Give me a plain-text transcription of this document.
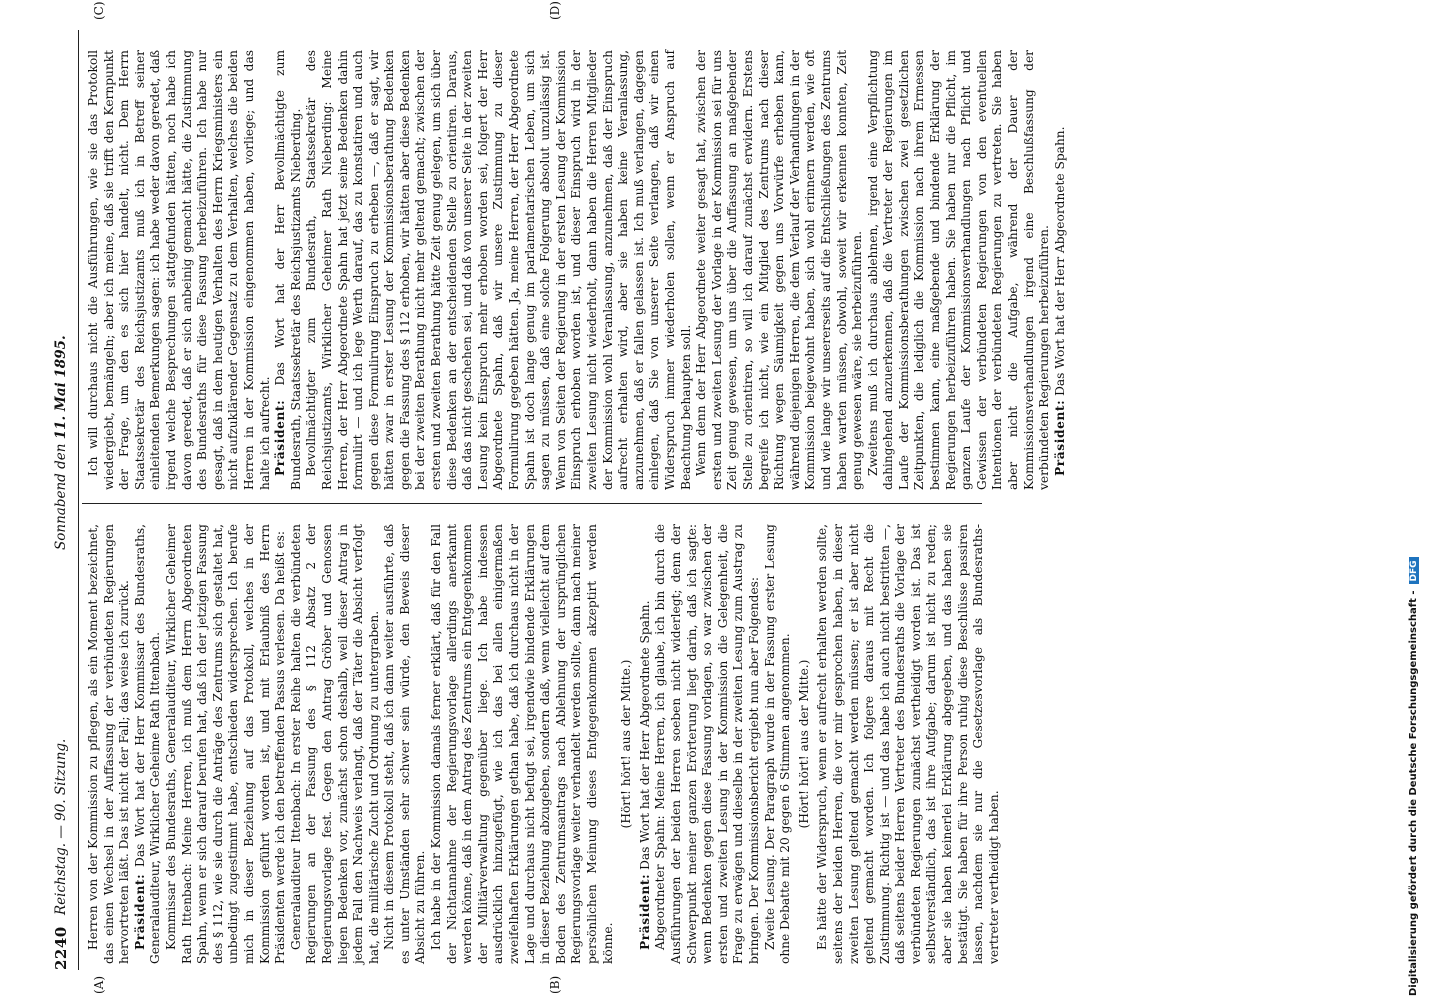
2240
Reichstag. — 90. Sitzung.
Sonnabend den 11. Mai 1895.
(A)	(B)
(C)	(D)

Herren von der Kommission zu pflegen, als ein Moment bezeichnet, das einen Wechsel in der Auffassung der verbündeten Regierungen hervortreten läßt. Das ist nicht der Fall; das weise ich zurück. Präsident: Das Wort hat der Herr Kommissar des Bundesraths, Generalauditeur, Wirklicher Geheime Rath Ittenbach. Kommissar des Bundesraths, Generalauditeur, Wirklicher Geheimer Rath Ittenbach: Meine Herren, ich muß dem Herrn Abgeordneten Spahn, wenn er sich darauf berufen hat, daß ich der jetzigen Fassung des § 112, wie sie durch die Anträge des Zentrums sich gestaltet hat, unbedingt zugestimmt habe, entschieden widersprechen. Ich berufe mich in dieser Beziehung auf das Protokoll, welches in der Kommission geführt worden ist, und mit Erlaubniß des Herrn Präsidenten werde ich den betreffenden Passus verlesen. Da heißt es: Generalauditeur Ittenbach: In erster Reihe halten die verbündeten Regierungen an der Fassung des § 112 Absatz 2 der Regierungsvorlage fest. Gegen den Antrag Gröber und Genossen liegen Bedenken vor, zunächst schon deshalb, weil dieser Antrag in jedem Fall den Nachweis verlangt, daß der Täter die Absicht verfolgt hat, die militärische Zucht und Ordnung zu untergraben. Nicht in diesem Protokoll steht, daß ich dann weiter ausführte, daß es unter Umständen sehr schwer sein würde, den Beweis dieser Absicht zu führen. Ich habe in der Kommission damals ferner erklärt, daß für den Fall der Nichtannahme der Regierungsvorlage allerdings anerkannt werden könne, daß in dem Antrag des Zentrums ein Entgegenkommen der Militärverwaltung gegenüber liege. Ich habe indessen ausdrücklich hinzugefügt, wie ich das bei allen einigermaßen zweifelhaften Erklärungen gethan habe, daß ich durchaus nicht in der Lage und durchaus nicht befugt sei, irgendwie bindende Erklärungen in dieser Beziehung abzugeben, sondern daß, wenn vielleicht auf dem Boden des Zentrumsantrags nach Ablehnung der ursprünglichen Regierungsvorlage weiter verhandelt werden sollte, dann nach meiner persönlichen Meinung dieses Entgegenkommen akzeptirt werden könne.

(Hört! hört! aus der Mitte.)

Präsident: Das Wort hat der Herr Abgeordnete Spahn. Abgeordneter Spahn: Meine Herren, ich glaube, ich bin durch die Ausführungen der beiden Herren soeben nicht widerlegt; denn der Schwerpunkt meiner ganzen Erörterung liegt darin, daß ich sagte: wenn Bedenken gegen diese Fassung vorlagen, so war zwischen der ersten und zweiten Lesung in der Kommission die Gelegenheit, die Frage zu erwägen und dieselbe in der zweiten Lesung zum Austrag zu bringen. Der Kommissionsbericht ergiebt nun aber Folgendes: Zweite Lesung. Der Paragraph wurde in der Fassung erster Lesung ohne Debatte mit 20 gegen 6 Stimmen angenommen. (Hört! hört! aus der Mitte.) Es hätte der Widerspruch, wenn er aufrecht erhalten werden sollte, seitens der beiden Herren, die vor mir gesprochen haben, in dieser zweiten Lesung geltend gemacht werden müssen; er ist aber nicht geltend gemacht worden. Ich folgere daraus mit Recht die Zustimmung. Richtig ist — und das habe ich auch nicht bestritten —, daß seitens beider Herren Vertreter des Bundesraths die Vorlage der verbündeten Regierungen zunächst vertheidigt worden ist. Das ist selbstverständlich, das ist ihre Aufgabe; darum ist nicht zu reden; aber sie haben keinerlei Erklärung abgegeben, und das haben sie bestätigt. Sie haben für ihre Person ruhig diese Beschlüsse passiren lassen, nachdem sie nur die Gesetzesvorlage als Bundesraths-vertreter vertheidigt haben.

Ich will durchaus nicht die Ausführungen, wie sie das Protokoll wiedergiebt, bemängeln; aber ich meine, daß sie trifft den Kernpunkt der Frage, um den es sich hier handelt, nicht. Dem Herrn Staatssekretär des Reichsjustizamts muß ich in Betreff seiner einleitenden Bemerkungen sagen: ich habe weder davon geredet, daß irgend welche Besprechungen stattgefunden hätten, noch habe ich davon geredet, daß er sich anbeinig gemacht hätte, die Zustimmung des Bundesraths für diese Fassung herbeizuführen. Ich habe nur gesagt, daß in dem heutigen Verhalten des Herrn Kriegsministers ein nicht aufzuklärender Gegensatz zu dem Verhalten, welches die beiden Herren in der Kommission eingenommen haben, vorliege; und das halte ich aufrecht. Präsident: Das Wort hat der Herr Bevollmächtigte zum Bundesrath, Staatssekretär des Reichsjustizamts Nieberding. Bevollmächtigter zum Bundesrath, Staatssekretär des Reichsjustizamts, Wirklicher Geheimer Rath Nieberding: Meine Herren, der Herr Abgeordnete Spahn hat jetzt seine Bedenken dahin formulirt — und ich lege Werth darauf, das zu konstatiren und auch gegen diese Formulirung Einspruch zu erheben —, daß er sagt, wir hätten zwar in erster Lesung der Kommissionsberathung Bedenken gegen die Fassung des § 112 erhoben, wir hätten aber diese Bedenken bei der zweiten Berathung nicht mehr geltend gemacht; zwischen der ersten und zweiten Berathung hätte Zeit genug gelegen, um sich über diese Bedenken an der entscheidenden Stelle zu orientiren. Daraus, daß das nicht geschehen sei, und daß von unserer Seite in der zweiten Lesung kein Einspruch mehr erhoben worden sei, folgert der Herr Abgeordnete Spahn, daß wir unsere Zustimmung zu dieser Formulirung gegeben hätten. Ja, meine Herren, der Herr Abgeordnete Spahn ist doch lange genug im parlamentarischen Leben, um sich sagen zu müssen, daß eine solche Folgerung absolut unzulässig ist. Wenn von Seiten der Regierung in der ersten Lesung der Kommission Einspruch erhoben worden ist, und dieser Einspruch wird in der zweiten Lesung nicht wiederholt, dann haben die Herren Mitglieder der Kommission wohl Veranlassung, anzunehmen, daß der Einspruch aufrecht erhalten wird, aber sie haben keine Veranlassung, anzunehmen, daß er fallen gelassen ist. Ich muß verlangen, dagegen einlegen, daß Sie von unserer Seite verlangen, daß wir einen Widerspruch immer wiederholen sollen, wenn er Anspruch auf Beachtung behaupten soll. Wenn denn der Herr Abgeordnete weiter gesagt hat, zwischen der ersten und zweiten Lesung der Vorlage in der Kommission sei für uns Zeit genug gewesen, um uns über die Auffassung an maßgebender Stelle zu orientiren, so will ich darauf zunächst erwidern. Erstens begreife ich nicht, wie ein Mitglied des Zentrums nach dieser Richtung wegen Säumigkeit gegen uns Vorwürfe erheben kann, während diejenigen Herren, die dem Verlauf der Verhandlungen in der Kommission beigewohnt haben, sich wohl erinnern werden, wie oft und wie lange wir unsererseits auf die Entschließungen des Zentrums haben warten müssen, obwohl, soweit wir erkennen konnten, Zeit genug gewesen wäre, sie herbeizuführen. Zweitens muß ich durchaus ablehnen, irgend eine Verpflichtung dahingehend anzuerkennen, daß die Vertreter der Regierungen im Laufe der Kommissionsberathungen zwischen zwei gesetzlichen Zeitpunkten, die lediglich die Kommission nach ihrem Ermessen bestimmen kann, eine maßgebende und bindende Erklärung der Regierungen herbeizuführen haben. Sie haben nur die Pflicht, im ganzen Laufe der Kommissionsverhandlungen nach Pflicht und Gewissen der verbündeten Regierungen von den eventuellen Intentionen der verbündeten Regierungen zu vertreten. Sie haben aber nicht die Aufgabe, während der Dauer der Kommissionsverhandlungen irgend eine Beschlußfassung der verbündeten Regierungen herbeizuführen. Präsident: Das Wort hat der Herr Abgeordnete Spahn.

Digitalisierung gefördert durch die Deutsche Forschungsgemeinschaft -DFG
